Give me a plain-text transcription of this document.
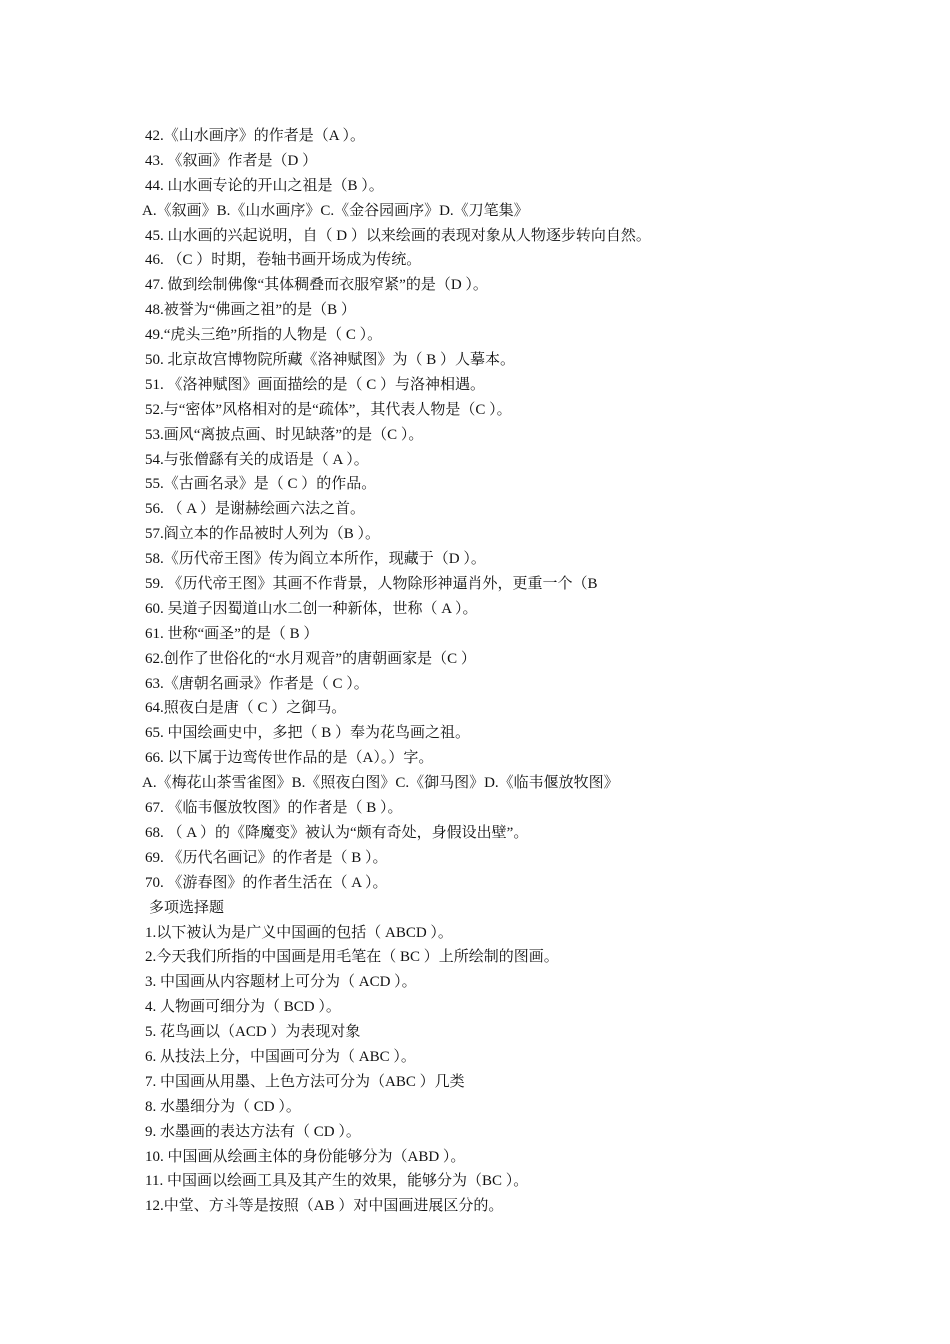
42.《山水画序》的作者是（A ）。
43. 《叙画》作者是（D ）
44. 山水画专论的开山之祖是（B ）。
A.《叙画》B.《山水画序》C.《金谷园画序》D.《刀笔集》
45. 山水画的兴起说明，自（ D ）以来绘画的表现对象从人物逐步转向自然。
46. （C ）时期，卷轴书画开场成为传统。
47. 做到绘制佛像“其体稠叠而衣服窄紧”的是（D ）。
48.被誉为“佛画之祖”的是（B ）
49.“虎头三绝”所指的人物是（ C ）。
50. 北京故宫博物院所藏《洛神赋图》为（ B ）人摹本。
51. 《洛神赋图》画面描绘的是（ C ）与洛神相遇。
52.与“密体”风格相对的是“疏体”，其代表人物是（C ）。
53.画风“离披点画、时见缺落”的是（C ）。
54.与张僧繇有关的成语是（ A ）。
55.《古画名录》是（ C ）的作品。
56. （ A ）是谢赫绘画六法之首。
57.阎立本的作品被时人列为（B ）。
58.《历代帝王图》传为阎立本所作，现藏于（D ）。
59. 《历代帝王图》其画不作背景，人物除形神逼肖外，更重一个（B
60. 吴道子因蜀道山水二创一种新体，世称（ A ）。
61. 世称“画圣”的是（ B ）
62.创作了世俗化的“水月观音”的唐朝画家是（C ）
63.《唐朝名画录》作者是（ C ）。
64.照夜白是唐（ C ）之御马。
65. 中国绘画史中，多把（ B ）奉为花鸟画之祖。
66. 以下属于边鸾传世作品的是（A）。）字。
A.《梅花山茶雪雀图》B.《照夜白图》C.《御马图》D.《临韦偃放牧图》
67. 《临韦偃放牧图》的作者是（ B ）。
68. （ A ）的《降魔变》被认为“颇有奇处，身假设出壁”。
69. 《历代名画记》的作者是（ B ）。
70. 《游春图》的作者生活在（ A ）。
多项选择题
1.以下被认为是广义中国画的包括（ ABCD ）。
2.今天我们所指的中国画是用毛笔在（ BC ）上所绘制的图画。
3. 中国画从内容题材上可分为（ ACD ）。
4. 人物画可细分为（ BCD ）。
5. 花鸟画以（ACD ）为表现对象
6. 从技法上分，中国画可分为（ ABC ）。
7. 中国画从用墨、上色方法可分为（ABC ）几类
8. 水墨细分为（ CD ）。
9. 水墨画的表达方法有（ CD ）。
10. 中国画从绘画主体的身份能够分为（ABD ）。
11. 中国画以绘画工具及其产生的效果，能够分为（BC ）。
12.中堂、方斗等是按照（AB ）对中国画进展区分的。
